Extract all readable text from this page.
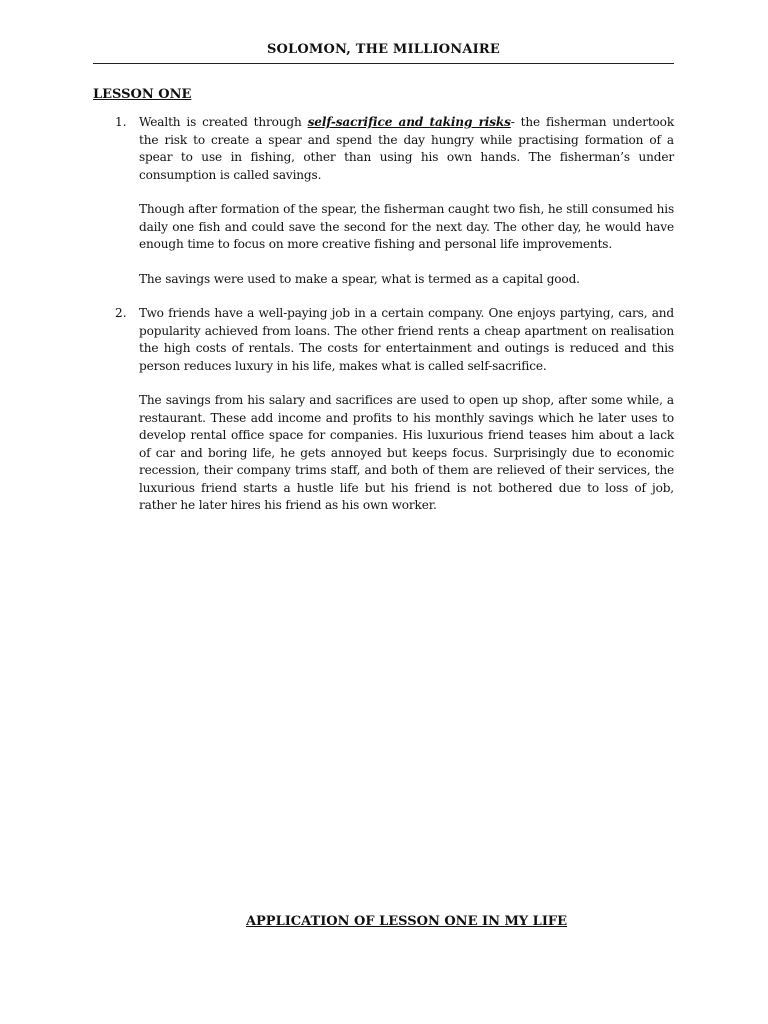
SOLOMON, THE MILLIONAIRE
LESSON ONE
1. Wealth is created through self-sacrifice and taking risks- the fisherman undertook the risk to create a spear and spend the day hungry while practising formation of a spear to use in fishing, other than using his own hands. The fisherman’s under consumption is called savings.

Though after formation of the spear, the fisherman caught two fish, he still consumed his daily one fish and could save the second for the next day. The other day, he would have enough time to focus on more creative fishing and personal life improvements.

The savings were used to make a spear, what is termed as a capital good.

2. Two friends have a well-paying job in a certain company. One enjoys partying, cars, and popularity achieved from loans. The other friend rents a cheap apartment on realisation the high costs of rentals. The costs for entertainment and outings is reduced and this person reduces luxury in his life, makes what is called self-sacrifice.

The savings from his salary and sacrifices are used to open up shop, after some while, a restaurant. These add income and profits to his monthly savings which he later uses to develop rental office space for companies. His luxurious friend teases him about a lack of car and boring life, he gets annoyed but keeps focus. Surprisingly due to economic recession, their company trims staff, and both of them are relieved of their services, the luxurious friend starts a hustle life but his friend is not bothered due to loss of job, rather he later hires his friend as his own worker.

APPLICATION OF LESSON ONE IN MY LIFE
